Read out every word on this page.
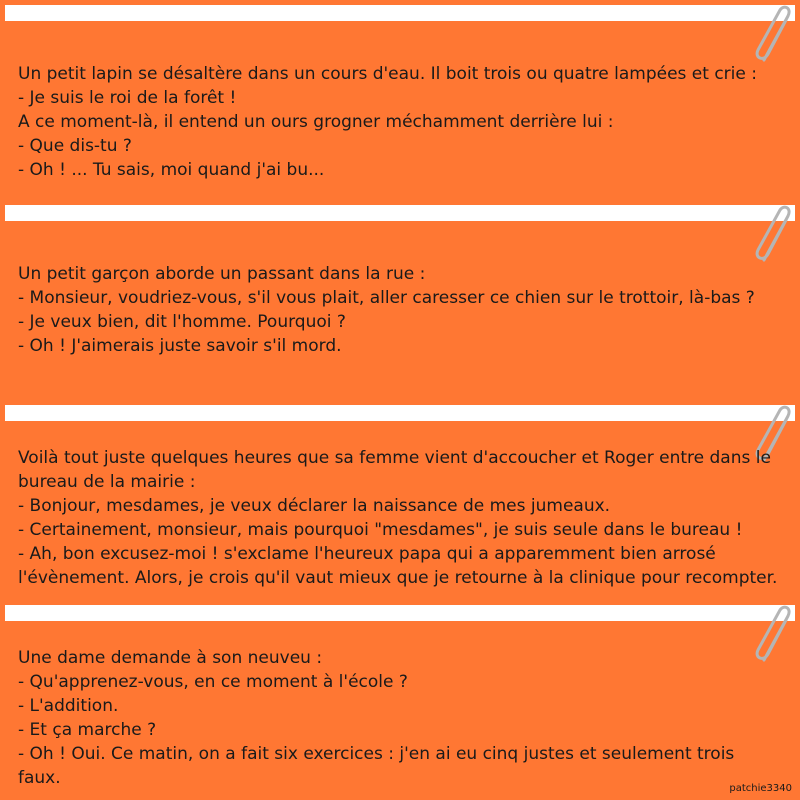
Un petit lapin se désaltère dans un cours d'eau. Il boit trois ou quatre lampées et crie :
- Je suis le roi de la forêt !
A ce moment-là, il entend un ours grogner méchamment derrière lui :
- Que dis-tu ?
- Oh ! ... Tu sais, moi quand j'ai bu...
Un petit garçon aborde un passant dans la rue :
- Monsieur, voudriez-vous, s'il vous plait, aller caresser ce chien sur le trottoir, là-bas ?
- Je veux bien, dit l'homme. Pourquoi ?
- Oh ! J'aimerais juste savoir s'il mord.
Voilà tout juste quelques heures que sa femme vient d'accoucher et Roger entre dans le
bureau de la mairie :
- Bonjour, mesdames, je veux déclarer la naissance de mes jumeaux.
- Certainement, monsieur, mais pourquoi "mesdames", je suis seule dans le bureau !
- Ah, bon excusez-moi ! s'exclame l'heureux papa qui a apparemment bien arrosé
l'évènement. Alors, je crois qu'il vaut mieux que je retourne à la clinique pour recompter.
Une dame demande à son neuveu :
- Qu'apprenez-vous, en ce moment à l'école ?
- L'addition.
- Et ça marche ?
- Oh ! Oui. Ce matin, on a fait six exercices : j'en ai eu cinq justes et seulement trois
faux.
patchie3340
